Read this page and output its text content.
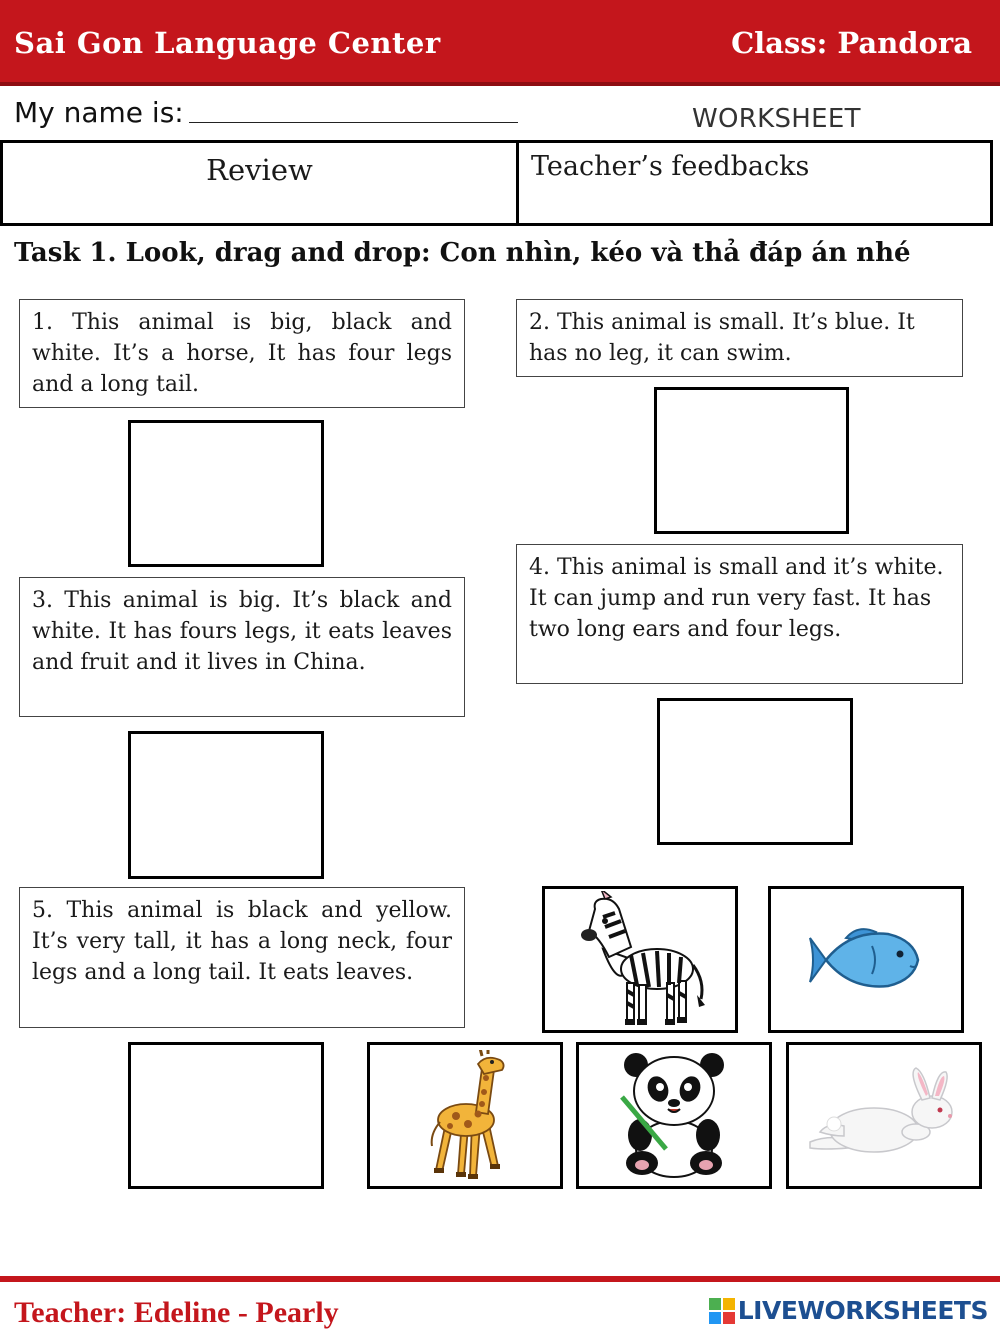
Sai Gon Language Center	Class: Pandora
My name is:	WORKSHEET
Review	Teacher’s feedbacks
Task 1. Look, drag and drop: Con nhìn, kéo và thả đáp án nhé
1. This animal is big, black and white. It’s a horse, It has four legs and a long tail.
2. This animal is small. It’s blue. It has no leg, it can swim.
3. This animal is big. It’s black and white. It has fours legs, it eats leaves and fruit and it lives in China.
4. This animal is small and it’s white. It can jump and run very fast. It has two long ears and four legs.
5. This animal is black and yellow. It’s very tall, it has a long neck, four legs and a long tail. It eats leaves.
Teacher: Edeline - Pearly	LIVEWORKSHEETS
